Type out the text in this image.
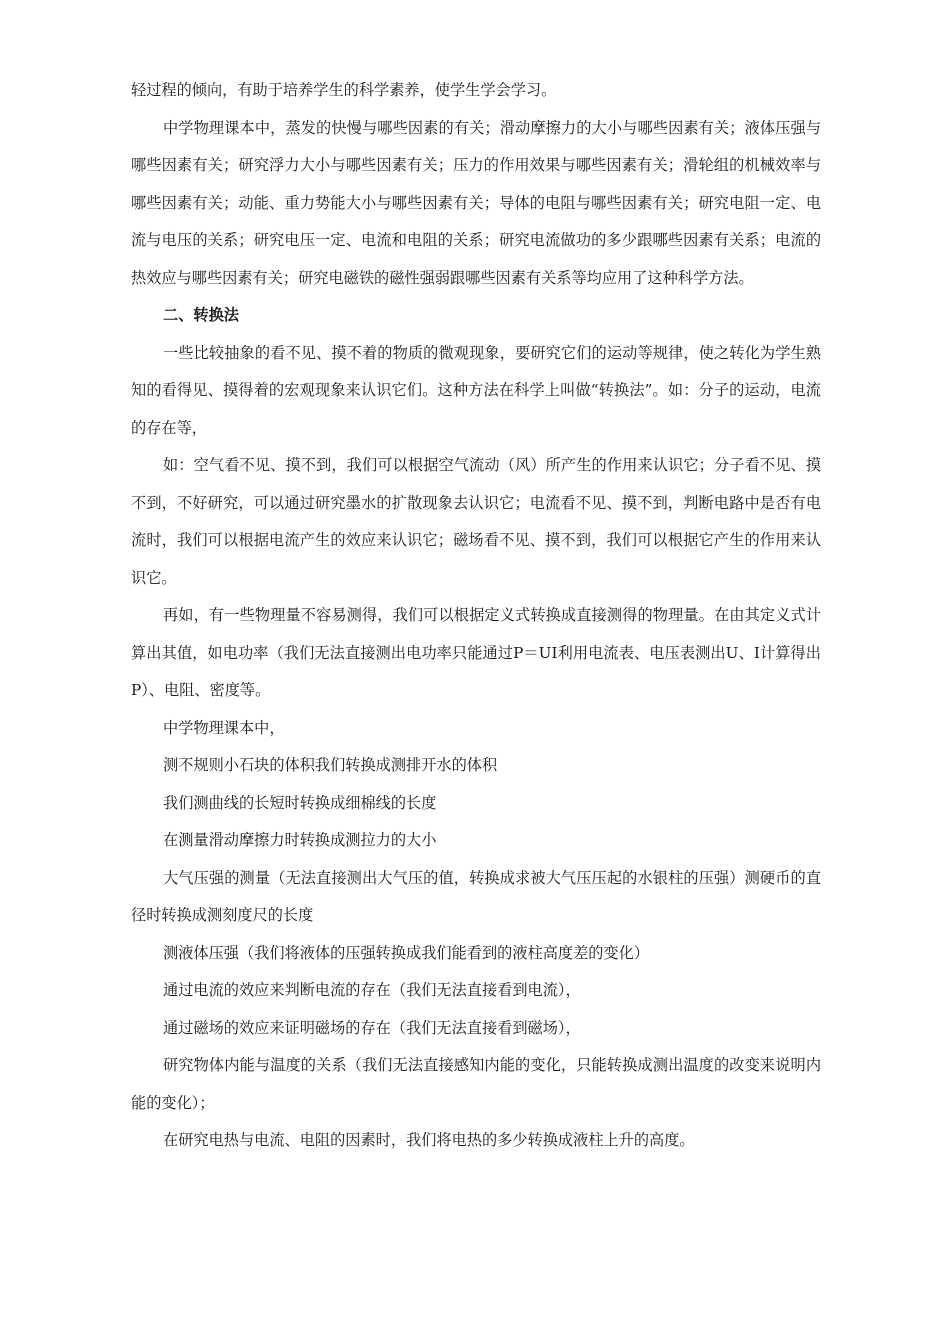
轻过程的倾向，有助于培养学生的科学素养，使学生学会学习。

中学物理课本中，蒸发的快慢与哪些因素的有关；滑动摩擦力的大小与哪些因素有关；液体压强与哪些因素有关；研究浮力大小与哪些因素有关；压力的作用效果与哪些因素有关；滑轮组的机械效率与哪些因素有关；动能、重力势能大小与哪些因素有关；导体的电阻与哪些因素有关；研究电阻一定、电流与电压的关系；研究电压一定、电流和电阻的关系；研究电流做功的多少跟哪些因素有关系；电流的热效应与哪些因素有关；研究电磁铁的磁性强弱跟哪些因素有关系等均应用了这种科学方法。

二、转换法

一些比较抽象的看不见、摸不着的物质的微观现象，要研究它们的运动等规律，使之转化为学生熟知的看得见、摸得着的宏观现象来认识它们。这种方法在科学上叫做“转换法”。如：分子的运动，电流的存在等，

如：空气看不见、摸不到，我们可以根据空气流动（风）所产生的作用来认识它；分子看不见、摸不到，不好研究，可以通过研究墨水的扩散现象去认识它；电流看不见、摸不到，判断电路中是否有电流时，我们可以根据电流产生的效应来认识它；磁场看不见、摸不到，我们可以根据它产生的作用来认识它。

再如，有一些物理量不容易测得，我们可以根据定义式转换成直接测得的物理量。在由其定义式计算出其值，如电功率（我们无法直接测出电功率只能通过P＝UI利用电流表、电压表测出U、I计算得出P）、电阻、密度等。

中学物理课本中，

测不规则小石块的体积我们转换成测排开水的体积

我们测曲线的长短时转换成细棉线的长度

在测量滑动摩擦力时转换成测拉力的大小

大气压强的测量（无法直接测出大气压的值，转换成求被大气压压起的水银柱的压强）测硬币的直径时转换成测刻度尺的长度

测液体压强（我们将液体的压强转换成我们能看到的液柱高度差的变化）

通过电流的效应来判断电流的存在（我们无法直接看到电流），

通过磁场的效应来证明磁场的存在（我们无法直接看到磁场），

研究物体内能与温度的关系（我们无法直接感知内能的变化，只能转换成测出温度的改变来说明内能的变化）；

在研究电热与电流、电阻的因素时，我们将电热的多少转换成液柱上升的高度。
